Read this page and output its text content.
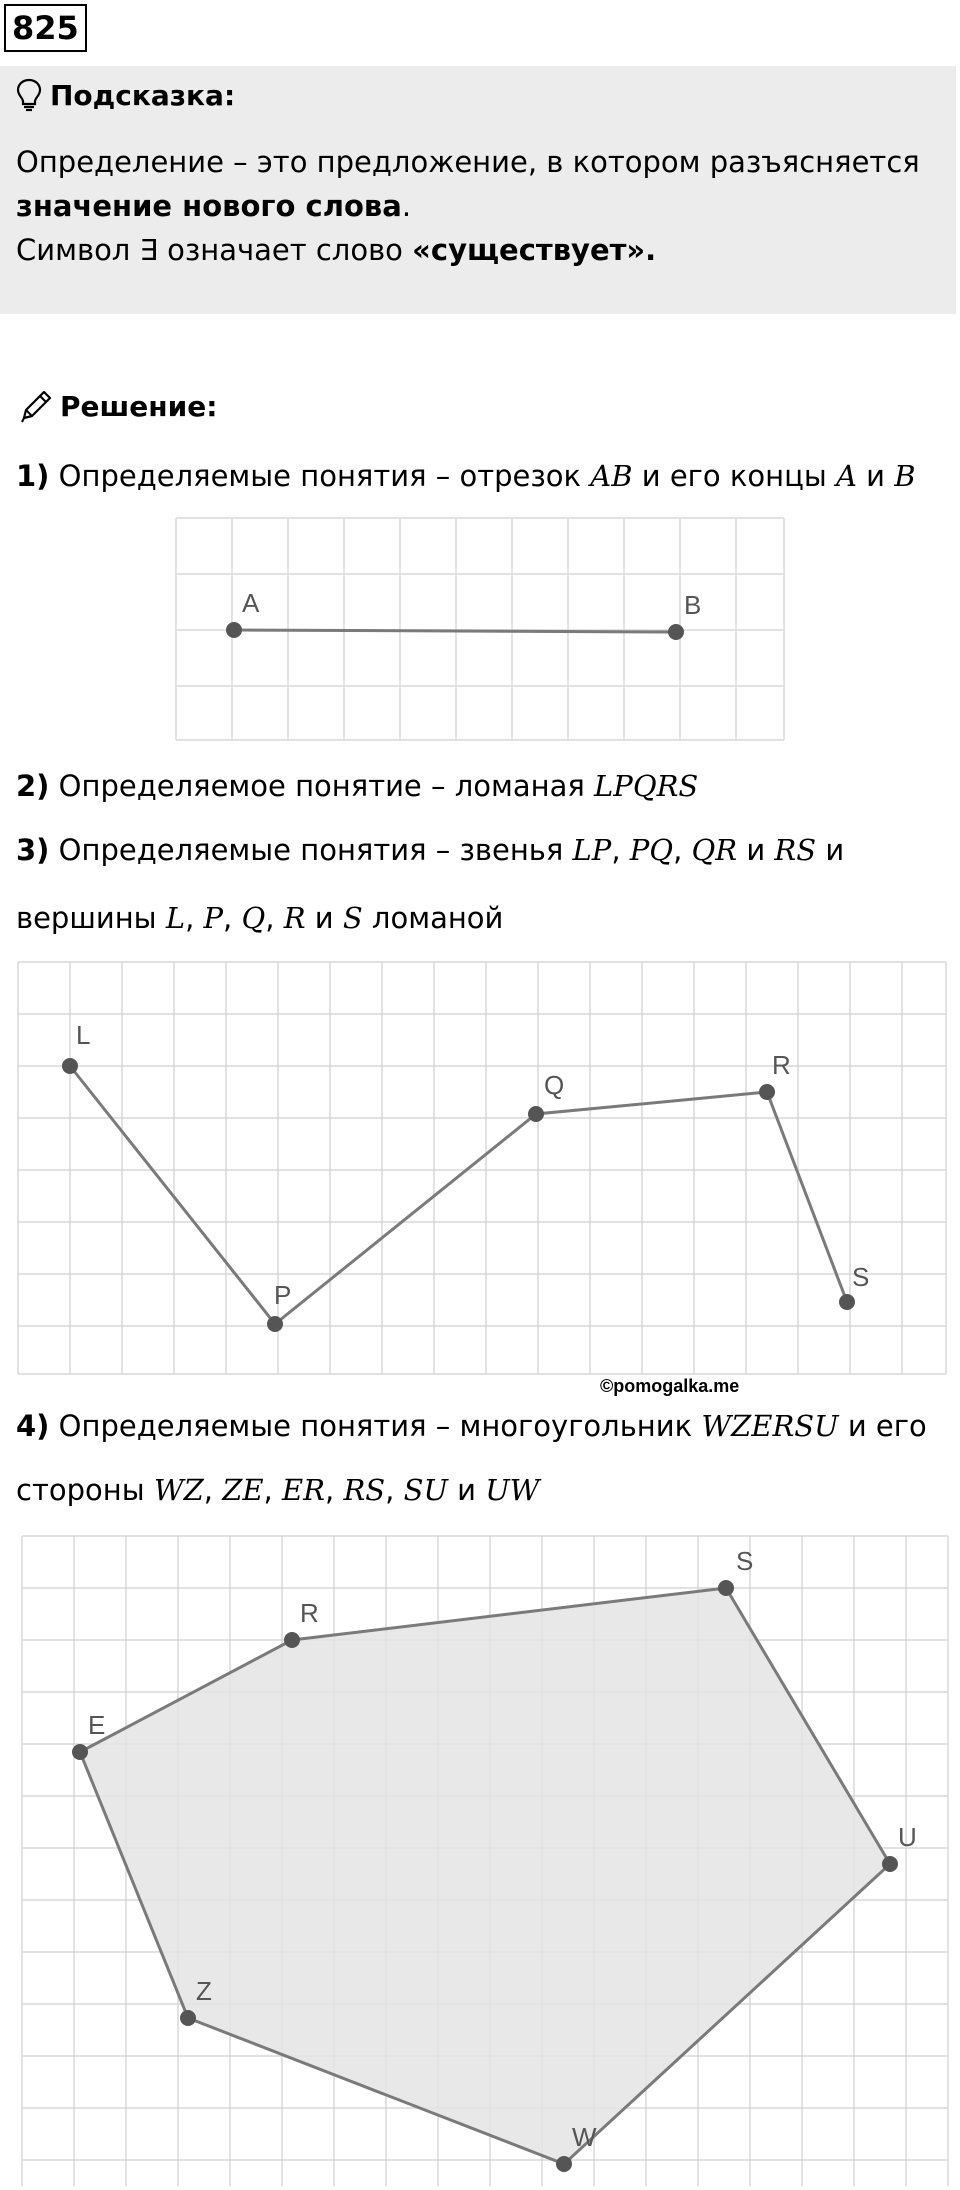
825
Подсказка:
Определение – это предложение, в котором разъясняется
значение нового слова.
Символ ∃ означает слово «существует».
Решение:
1) Определяемые понятия – отрезок AB и его концы A и B
A	B
2) Определяемое понятие – ломаная LPQRS
3) Определяемые понятия – звенья LP, PQ, QR и RS и
вершины L, P, Q, R и S ломаной
L
P
Q
R
S
©pomogalka.me
4) Определяемые понятия – многоугольник WZERSU и его
стороны WZ, ZE, ER, RS, SU и UW
S
R
E
U
Z
W
